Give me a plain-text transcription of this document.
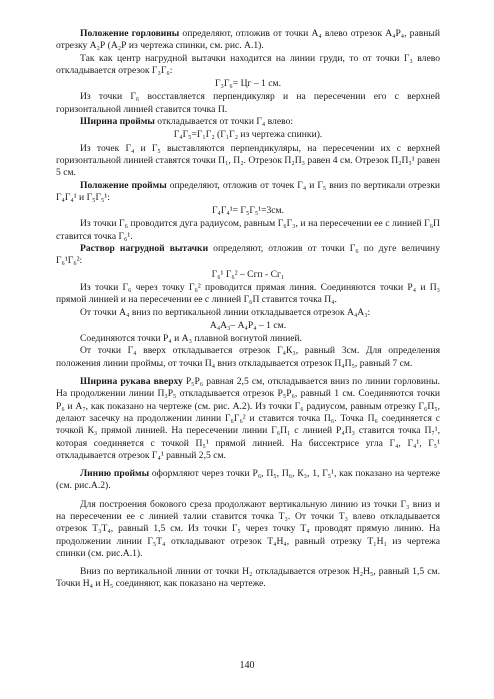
Положение горловины определяют, отложив от точки А₄ влево отрезок А₄Р₄, равный отрезку А₂Р (А₂Р из чертежа спинки, см. рис. А.1).

Так как центр нагрудной вытачки находится на линии груди, то от точки Г₃ влево откладывается отрезок Г₃Г₆:

Г₃Г₆= Цг – 1 см.

Из точки Г₆ восставляется перпендикуляр и на пересечении его с верхней горизонтальной линией ставится точка П.

Ширина проймы откладывается от точки Г₄ влево:

Г₄Г₅=Г₁Г₂ (Г₁Г₂ из чертежа спинки).

Из точек Г₄ и Г₅ выставляются перпендикуляры, на пересечении их с верхней горизонтальной линией ставятся точки П₁, П₂. Отрезок П₂П₃ равен 4 см. Отрезок П₂П₃¹ равен 5 см.

Положение проймы определяют, отложив от точек Г₄ и Г₅ вниз по вертикали отрезки Г₄Г₄¹ и Г₅Г₅¹:

Г₄Г₄¹= Г₅Г₅¹=3см.

Из точки Г₆ проводится дуга радиусом, равным Г₆Г₃, и на пересечении ее с линией Г₆П ставится точка Г₆¹.

Раствор нагрудной вытачки определяют, отложив от точки Г₆ по дуге величину Г₆¹Г₆²:

Г₆¹ Г₆² – Сгп - Сг₁

Из точки Г₆ через точку Г₆² проводится прямая линия. Соединяются точки Р₄ и П₃ прямой линией и на пересечении ее с линией Г₆П ставится точка П₄.

От точки А₄ вниз по вертикальной линии откладывается отрезок А₄А₃:

А₄А₃– А₄Р₄ – 1 см.

Соединяются точки Р₄ и А₃ плавной вогнутой линией.

От точки Г₄ вверх откладывается отрезок Г₄К₃, равный 3см. Для определения положения линии проймы, от точки П₄ вниз откладывается отрезок П₄П₅, равный 7 см.

Ширина рукава вверху Р₅Р₆ равная 2,5 см, откладывается вниз по линии горловины. На продолжении линии П₃Р₅ откладывается отрезок Р₅Р₆, равный 1 см. Соединяются точки Р₆ и А₇, как показано на чертеже (см. рис. А.2). Из точки Г₆ радиусом, равным отрезку Г₆П₅, делают засечку на продолжении линии Г₆Г₆² и ставится точка П₆. Точка П₆ соединяется с точкой К₃ прямой линией. На пересечении линии Г₆П₁ с линией Р₄П₃ ставится точка П₇¹, которая соединяется с точкой П₅¹ прямой линией. На биссектрисе угла Г₄, Г₄¹, Г₅¹ откладывается отрезок Г₄¹ равный 2,5 см.

Линию проймы оформляют через точки Р₆, П₅, П₆, К₃, 1, Г₅¹, как показано на чертеже (см. рис.А.2).

Для построения бокового среза продолжают вертикальную линию из точки Г₃ вниз и на пересечении ее с линией талии ставится точка Т₃. От точки Т₃ влево откладывается отрезок Т₃Т₄, равный 1,5 см. Из точки Г₅ через точку Т₄ проводят прямую линию. На продолжении линии Г₅Т₄ откладывают отрезок Т₄Н₄, равный отрезку Т₁Н₁ из чертежа спинки (см. рис.А.1).

Вниз по вертикальной линии от точки Н₂ откладывается отрезок Н₂Н₅, равный 1,5 см. Точки Н₄ и Н₅ соединяют, как показано на чертеже.

140
